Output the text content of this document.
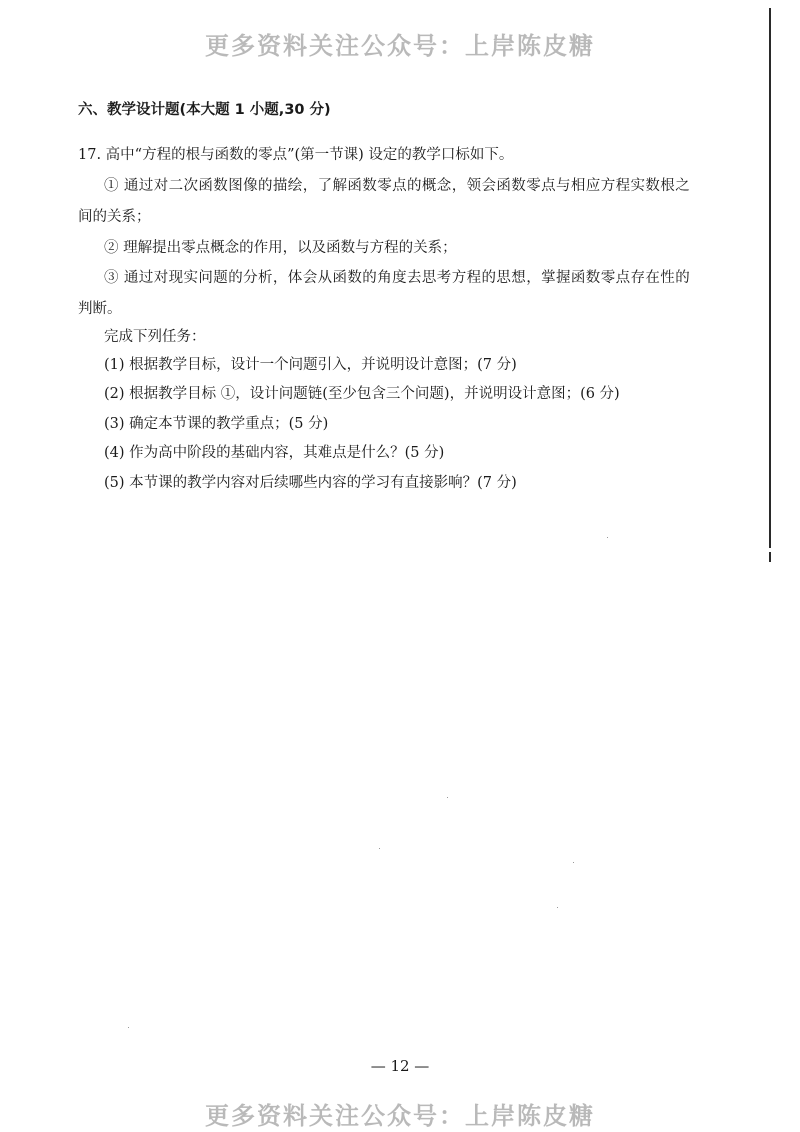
更多资料关注公众号：上岸陈皮糖
六、教学设计题(本大题 1 小题,30 分)
17. 高中“方程的根与函数的零点”(第一节课) 设定的教学口标如下。
① 通过对二次函数图像的描绘，了解函数零点的概念，领会函数零点与相应方程实数根之
间的关系；
② 理解提出零点概念的作用，以及函数与方程的关系；
③ 通过对现实问题的分析，体会从函数的角度去思考方程的思想，掌握函数零点存在性的
判断。
完成下列任务：
(1) 根据教学目标，设计一个问题引入，并说明设计意图；(7 分)
(2) 根据教学目标 ①，设计问题链(至少包含三个问题)，并说明设计意图；(6 分)
(3) 确定本节课的教学重点；(5 分)
(4) 作为高中阶段的基础内容，其难点是什么？(5 分)
(5) 本节课的教学内容对后续哪些内容的学习有直接影响？(7 分)
— 12 —
更多资料关注公众号：上岸陈皮糖
